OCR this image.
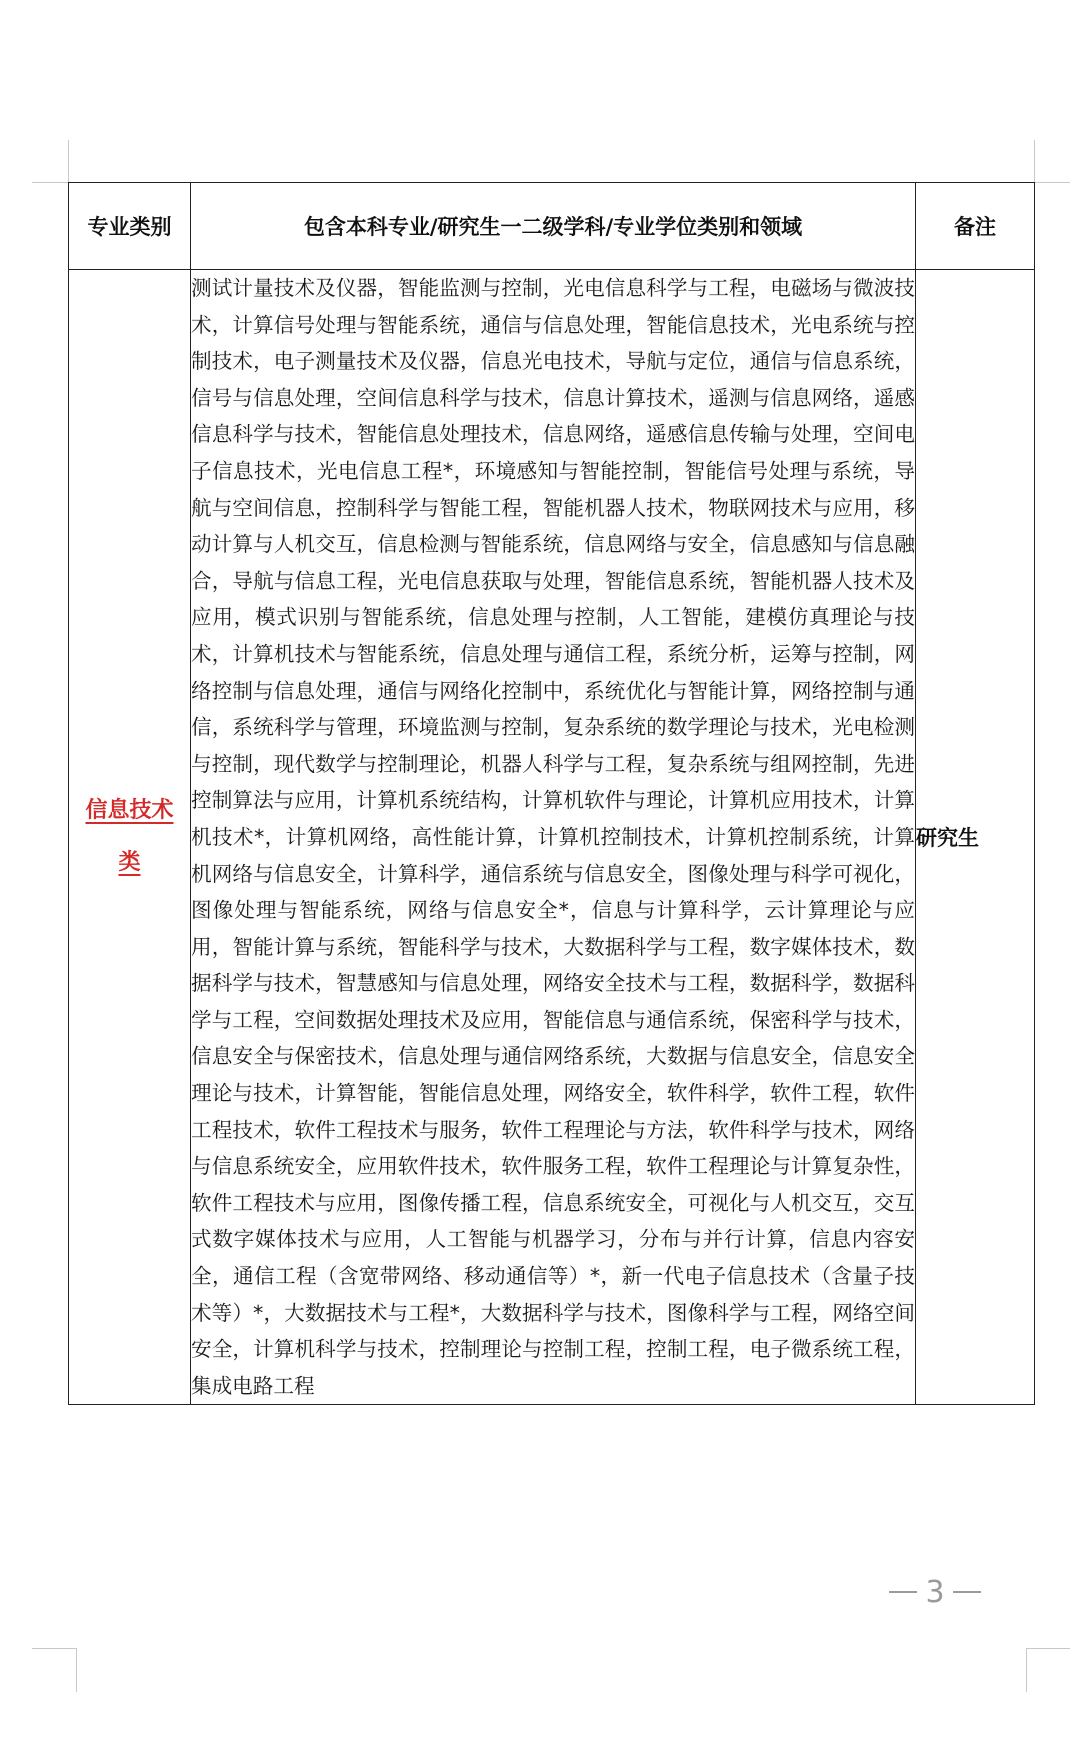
专业类别	包含本科专业/研究生一二级学科/专业学位类别和领域	备注
信息技术
类	测试计量技术及仪器，智能监测与控制，光电信息科学与工程，电磁场与微波技术，计算信号处理与智能系统，通信与信息处理，智能信息技术，光电系统与控制技术，电子测量技术及仪器，信息光电技术，导航与定位，通信与信息系统，信号与信息处理，空间信息科学与技术，信息计算技术，遥测与信息网络，遥感信息科学与技术，智能信息处理技术，信息网络，遥感信息传输与处理，空间电子信息技术，光电信息工程*，环境感知与智能控制，智能信号处理与系统，导航与空间信息，控制科学与智能工程，智能机器人技术，物联网技术与应用，移动计算与人机交互，信息检测与智能系统，信息网络与安全，信息感知与信息融合，导航与信息工程，光电信息获取与处理，智能信息系统，智能机器人技术及应用，模式识别与智能系统，信息处理与控制，人工智能，建模仿真理论与技术，计算机技术与智能系统，信息处理与通信工程，系统分析，运筹与控制，网络控制与信息处理，通信与网络化控制中，系统优化与智能计算，网络控制与通信，系统科学与管理，环境监测与控制，复杂系统的数学理论与技术，光电检测与控制，现代数学与控制理论，机器人科学与工程，复杂系统与组网控制，先进控制算法与应用，计算机系统结构，计算机软件与理论，计算机应用技术，计算机技术*，计算机网络，高性能计算，计算机控制技术，计算机控制系统，计算机网络与信息安全，计算科学，通信系统与信息安全，图像处理与科学可视化，图像处理与智能系统，网络与信息安全*，信息与计算科学，云计算理论与应用，智能计算与系统，智能科学与技术，大数据科学与工程，数字媒体技术，数据科学与技术，智慧感知与信息处理，网络安全技术与工程，数据科学，数据科学与工程，空间数据处理技术及应用，智能信息与通信系统，保密科学与技术，信息安全与保密技术，信息处理与通信网络系统，大数据与信息安全，信息安全理论与技术，计算智能，智能信息处理，网络安全，软件科学，软件工程，软件工程技术，软件工程技术与服务，软件工程理论与方法，软件科学与技术，网络与信息系统安全，应用软件技术，软件服务工程，软件工程理论与计算复杂性，软件工程技术与应用，图像传播工程，信息系统安全，可视化与人机交互，交互式数字媒体技术与应用，人工智能与机器学习，分布与并行计算，信息内容安全，通信工程（含宽带网络、移动通信等）*，新一代电子信息技术（含量子技术等）*，大数据技术与工程*，大数据科学与技术，图像科学与工程，网络空间安全，计算机科学与技术，控制理论与控制工程，控制工程，电子微系统工程，集成电路工程	研究生
3
